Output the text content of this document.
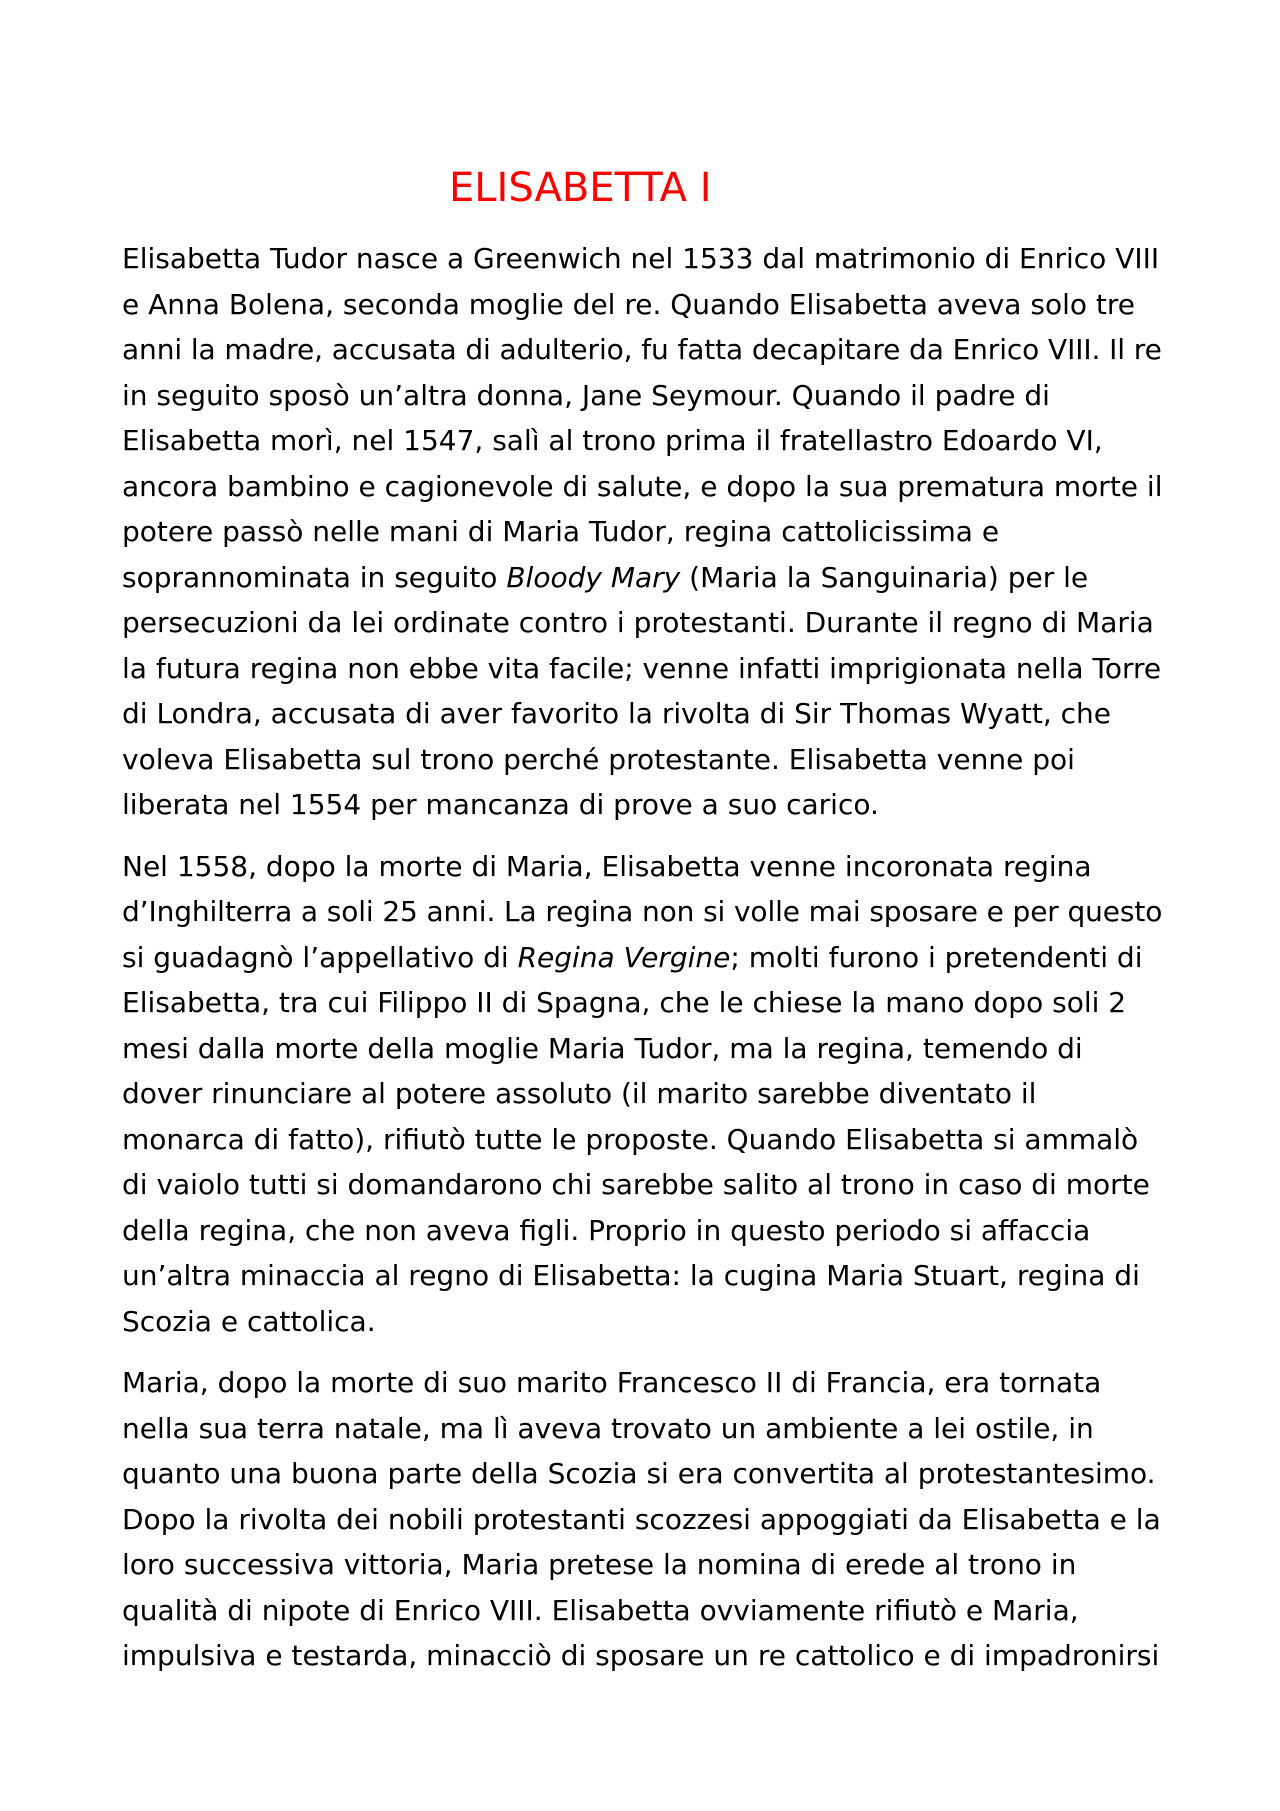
ELISABETTA I

Elisabetta Tudor nasce a Greenwich nel 1533 dal matrimonio di Enrico VIII
e Anna Bolena, seconda moglie del re. Quando Elisabetta aveva solo tre
anni la madre, accusata di adulterio, fu fatta decapitare da Enrico VIII. Il re
in seguito sposò un’altra donna, Jane Seymour. Quando il padre di
Elisabetta morì, nel 1547, salì al trono prima il fratellastro Edoardo VI,
ancora bambino e cagionevole di salute, e dopo la sua prematura morte il
potere passò nelle mani di Maria Tudor, regina cattolicissima e
soprannominata in seguito Bloody Mary (Maria la Sanguinaria) per le
persecuzioni da lei ordinate contro i protestanti. Durante il regno di Maria
la futura regina non ebbe vita facile; venne infatti imprigionata nella Torre
di Londra, accusata di aver favorito la rivolta di Sir Thomas Wyatt, che
voleva Elisabetta sul trono perché protestante. Elisabetta venne poi
liberata nel 1554 per mancanza di prove a suo carico.

Nel 1558, dopo la morte di Maria, Elisabetta venne incoronata regina
d’Inghilterra a soli 25 anni. La regina non si volle mai sposare e per questo
si guadagnò l’appellativo di Regina Vergine; molti furono i pretendenti di
Elisabetta, tra cui Filippo II di Spagna, che le chiese la mano dopo soli 2
mesi dalla morte della moglie Maria Tudor, ma la regina, temendo di
dover rinunciare al potere assoluto (il marito sarebbe diventato il
monarca di fatto), rifiutò tutte le proposte. Quando Elisabetta si ammalò
di vaiolo tutti si domandarono chi sarebbe salito al trono in caso di morte
della regina, che non aveva figli. Proprio in questo periodo si affaccia
un’altra minaccia al regno di Elisabetta: la cugina Maria Stuart, regina di
Scozia e cattolica.

Maria, dopo la morte di suo marito Francesco II di Francia, era tornata
nella sua terra natale, ma lì aveva trovato un ambiente a lei ostile, in
quanto una buona parte della Scozia si era convertita al protestantesimo.
Dopo la rivolta dei nobili protestanti scozzesi appoggiati da Elisabetta e la
loro successiva vittoria, Maria pretese la nomina di erede al trono in
qualità di nipote di Enrico VIII. Elisabetta ovviamente rifiutò e Maria,
impulsiva e testarda, minacciò di sposare un re cattolico e di impadronirsi
